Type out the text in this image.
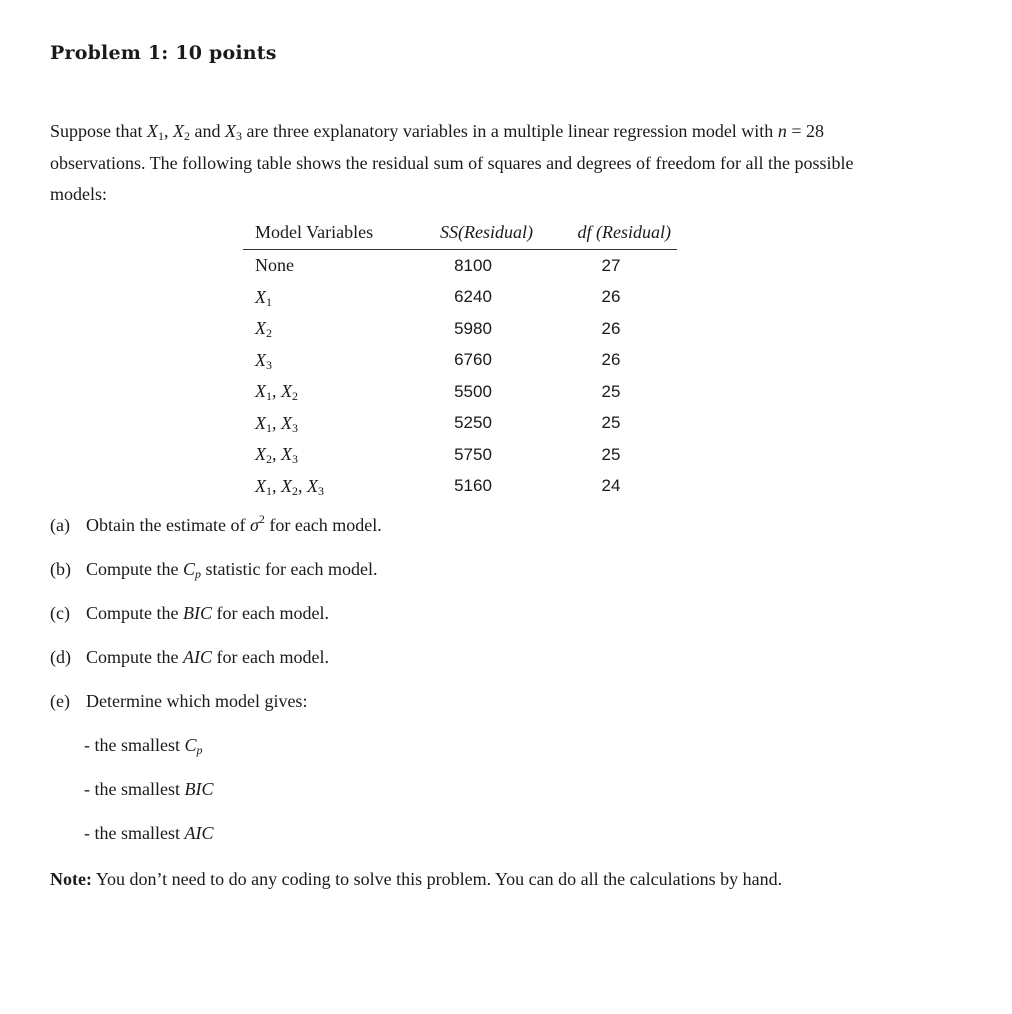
Problem 1: 10 points
Suppose that $X_1$, $X_2$ and $X_3$ are three explanatory variables in a multiple linear regression model with n = 28 observations. The following table shows the residual sum of squares and degrees of freedom for all the possible models:
Model Variables	SS(Residual)	df (Residual)
None	8100	27
$X_1$	6240	26
$X_2$	5980	26
$X_3$	6760	26
$X_1$, $X_2$	5500	25
$X_1$, $X_3$	5250	25
$X_2$, $X_3$	5750	25
$X_1$, $X_2$, $X_3$	5160	24
(a) Obtain the estimate of $\sigma^2$ for each model.
(b) Compute the $C_p$ statistic for each model.
(c) Compute the BIC for each model.
(d) Compute the AIC for each model.
(e) Determine which model gives:
- the smallest $C_p$
- the smallest BIC
- the smallest AIC
Note: You don’t need to do any coding to solve this problem. You can do all the calculations by hand.
